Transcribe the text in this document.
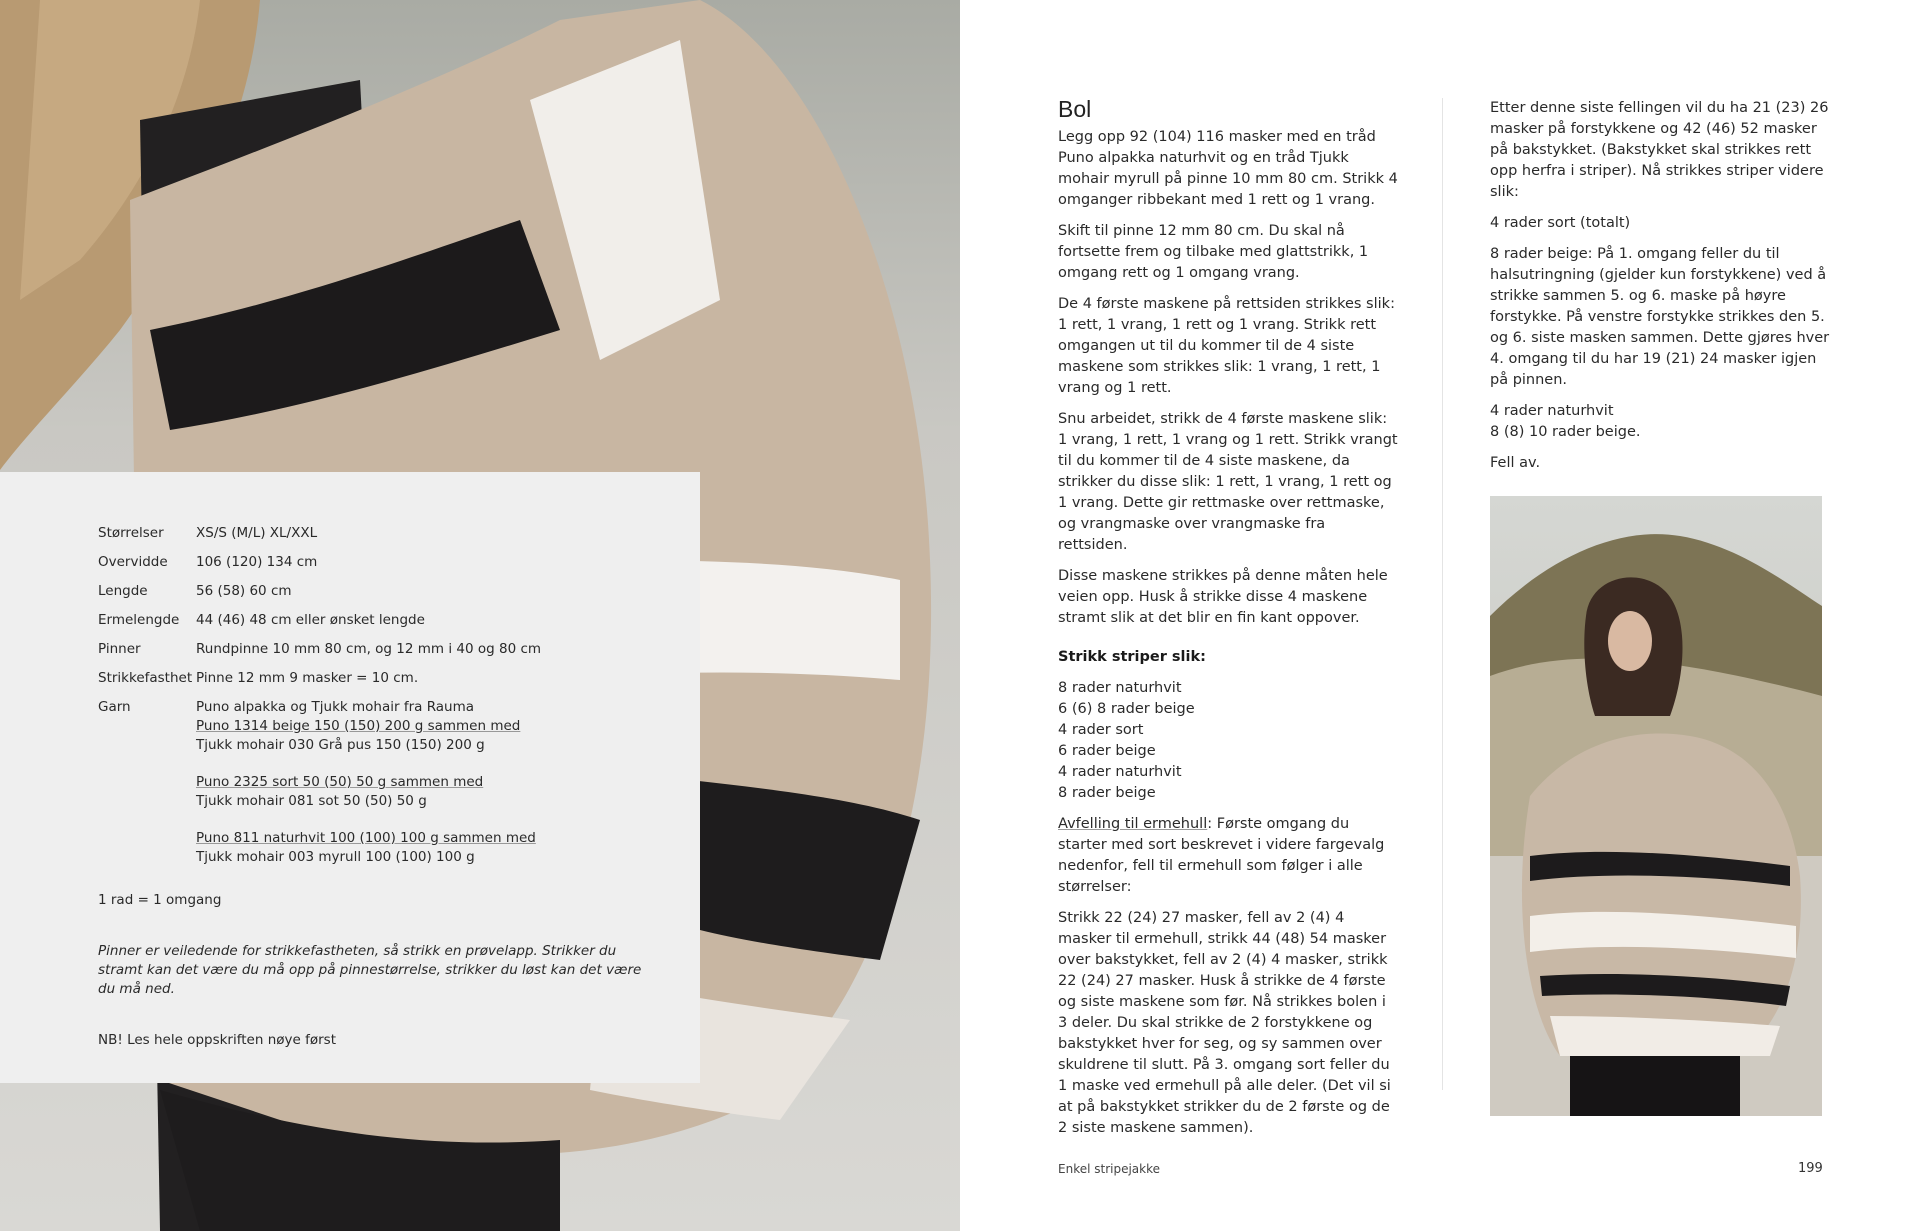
Størrelser	XS/S (M/L) XL/XXL
Overvidde	106 (120) 134 cm
Lengde	56 (58) 60 cm
Ermelengde	44 (46) 48 cm eller ønsket lengde
Pinner	Rundpinne 10 mm 80 cm, og 12 mm i 40 og 80 cm
Strikkefasthet Pinne 12 mm 9 masker = 10 cm.
Garn	Puno alpakka og Tjukk mohair fra Rauma
Puno 1314 beige 150 (150) 200 g sammen med
Tjukk mohair 030 Grå pus 150 (150) 200 g
Puno 2325 sort 50 (50) 50 g sammen med
Tjukk mohair 081 sot 50 (50) 50 g
Puno 811 naturhvit 100 (100) 100 g sammen med
Tjukk mohair 003 myrull 100 (100) 100 g
1 rad = 1 omgang
Pinner er veiledende for strikkefastheten, så strikk en prøvelapp. Strikker du stramt kan det være du må opp på pinnestørrelse, strikker du løst kan det være du må ned.
NB! Les hele oppskriften nøye først
Bol

Legg opp 92 (104) 116 masker med en tråd Puno alpakka naturhvit og en tråd Tjukk mohair myrull på pinne 10 mm 80 cm. Strikk 4 omganger ribbekant med 1 rett og 1 vrang.

Skift til pinne 12 mm 80 cm. Du skal nå fortsette frem og tilbake med glattstrikk, 1 omgang rett og 1 omgang vrang.

De 4 første maskene på rettsiden strikkes slik: 1 rett, 1 vrang, 1 rett og 1 vrang. Strikk rett omgangen ut til du kommer til de 4 siste maskene som strikkes slik: 1 vrang, 1 rett, 1 vrang og 1 rett.

Snu arbeidet, strikk de 4 første maskene slik: 1 vrang, 1 rett, 1 vrang og 1 rett. Strikk vrangt til du kommer til de 4 siste maskene, da strikker du disse slik: 1 rett, 1 vrang, 1 rett og 1 vrang. Dette gir rettmaske over rettmaske, og vrangmaske over vrangmaske fra rettsiden.

Disse maskene strikkes på denne måten hele veien opp. Husk å strikke disse 4 maskene stramt slik at det blir en fin kant oppover.

Strikk striper slik:
8 rader naturhvit
6 (6) 8 rader beige
4 rader sort
6 rader beige
4 rader naturhvit
8 rader beige

Avfelling til ermehull: Første omgang du starter med sort beskrevet i videre fargevalg nedenfor, fell til ermehull som følger i alle størrelser:

Strikk 22 (24) 27 masker, fell av 2 (4) 4 masker til ermehull, strikk 44 (48) 54 masker over bakstykket, fell av 2 (4) 4 masker, strikk 22 (24) 27 masker. Husk å strikke de 4 første og siste maskene som før. Nå strikkes bolen i 3 deler. Du skal strikke de 2 forstykkene og bakstykket hver for seg, og sy sammen over skuldrene til slutt. På 3. omgang sort feller du 1 maske ved ermehull på alle deler. (Det vil si at på bakstykket strikker du de 2 første og de 2 siste maskene sammen).

Etter denne siste fellingen vil du ha 21 (23) 26 masker på forstykkene og 42 (46) 52 masker på bakstykket. (Bakstykket skal strikkes rett opp herfra i striper). Nå strikkes striper videre slik:

4 rader sort (totalt)

8 rader beige: På 1. omgang feller du til halsutringning (gjelder kun forstykkene) ved å strikke sammen 5. og 6. maske på høyre forstykke. På venstre forstykke strikkes den 5. og 6. siste masken sammen. Dette gjøres hver 4. omgang til du har 19 (21) 24 masker igjen på pinnen.

4 rader naturhvit
8 (8) 10 rader beige.

Fell av.

Enkel stripejakke	199
